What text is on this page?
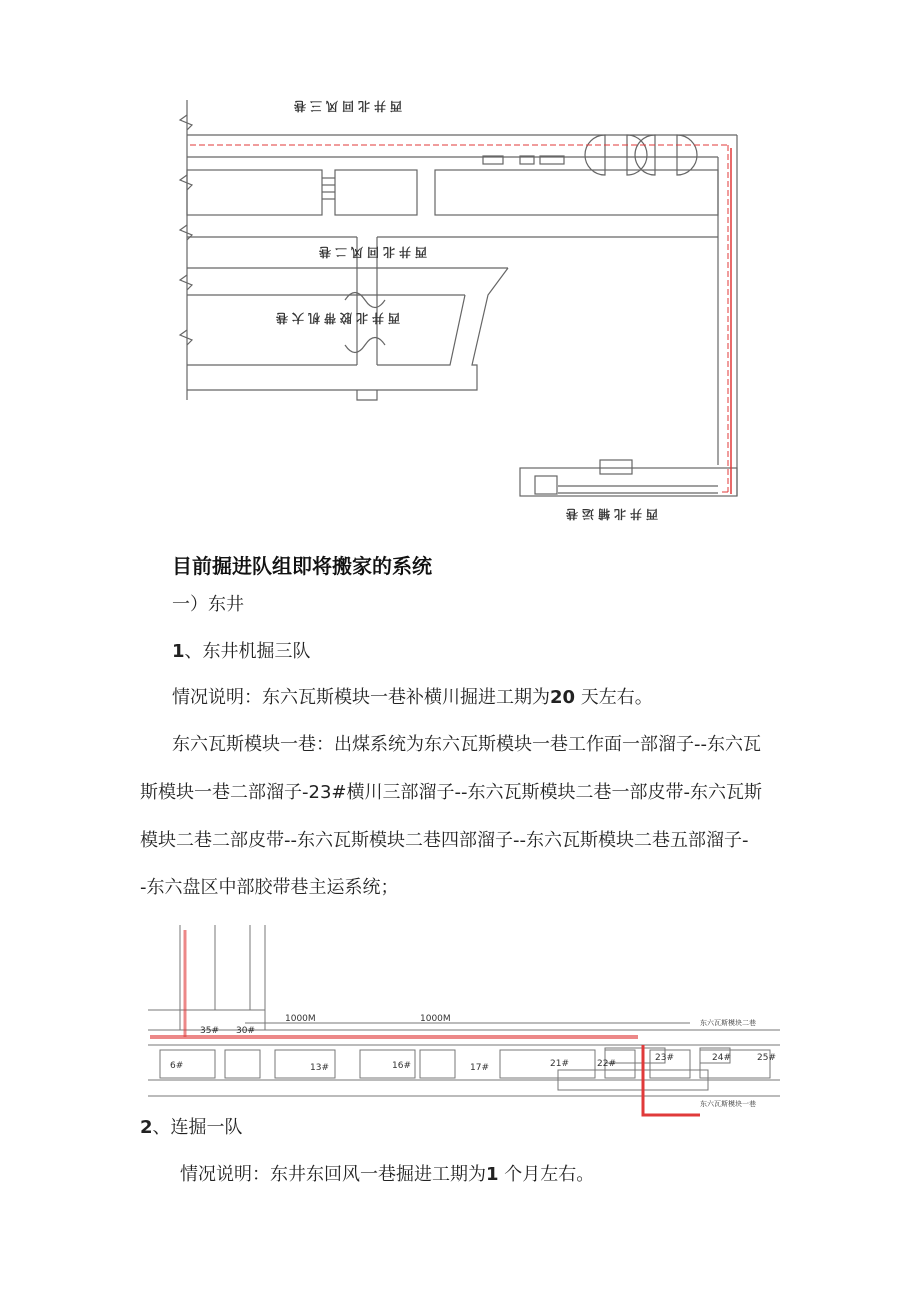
西井北回风三巷
西井北回风二巷
西井北胶带机大巷
西井北辅运巷
目前掘进队组即将搬家的系统
一）东井
1、东井机掘三队
情况说明：东六瓦斯模块一巷补横川掘进工期为20 天左右。
东六瓦斯模块一巷：出煤系统为东六瓦斯模块一巷工作面一部溜子--东六瓦
斯模块一巷二部溜子-23#横川三部溜子--东六瓦斯模块二巷一部皮带-东六瓦斯
模块二巷二部皮带--东六瓦斯模块二巷四部溜子--东六瓦斯模块二巷五部溜子-
-东六盘区中部胶带巷主运系统；
1000M	1000M
6#
35# 30#
13#	16#	17#	21#	22#
23#	24#	25#
东六瓦斯模块二巷
东六瓦斯模块一巷
2、连掘一队
情况说明：东井东回风一巷掘进工期为1 个月左右。
